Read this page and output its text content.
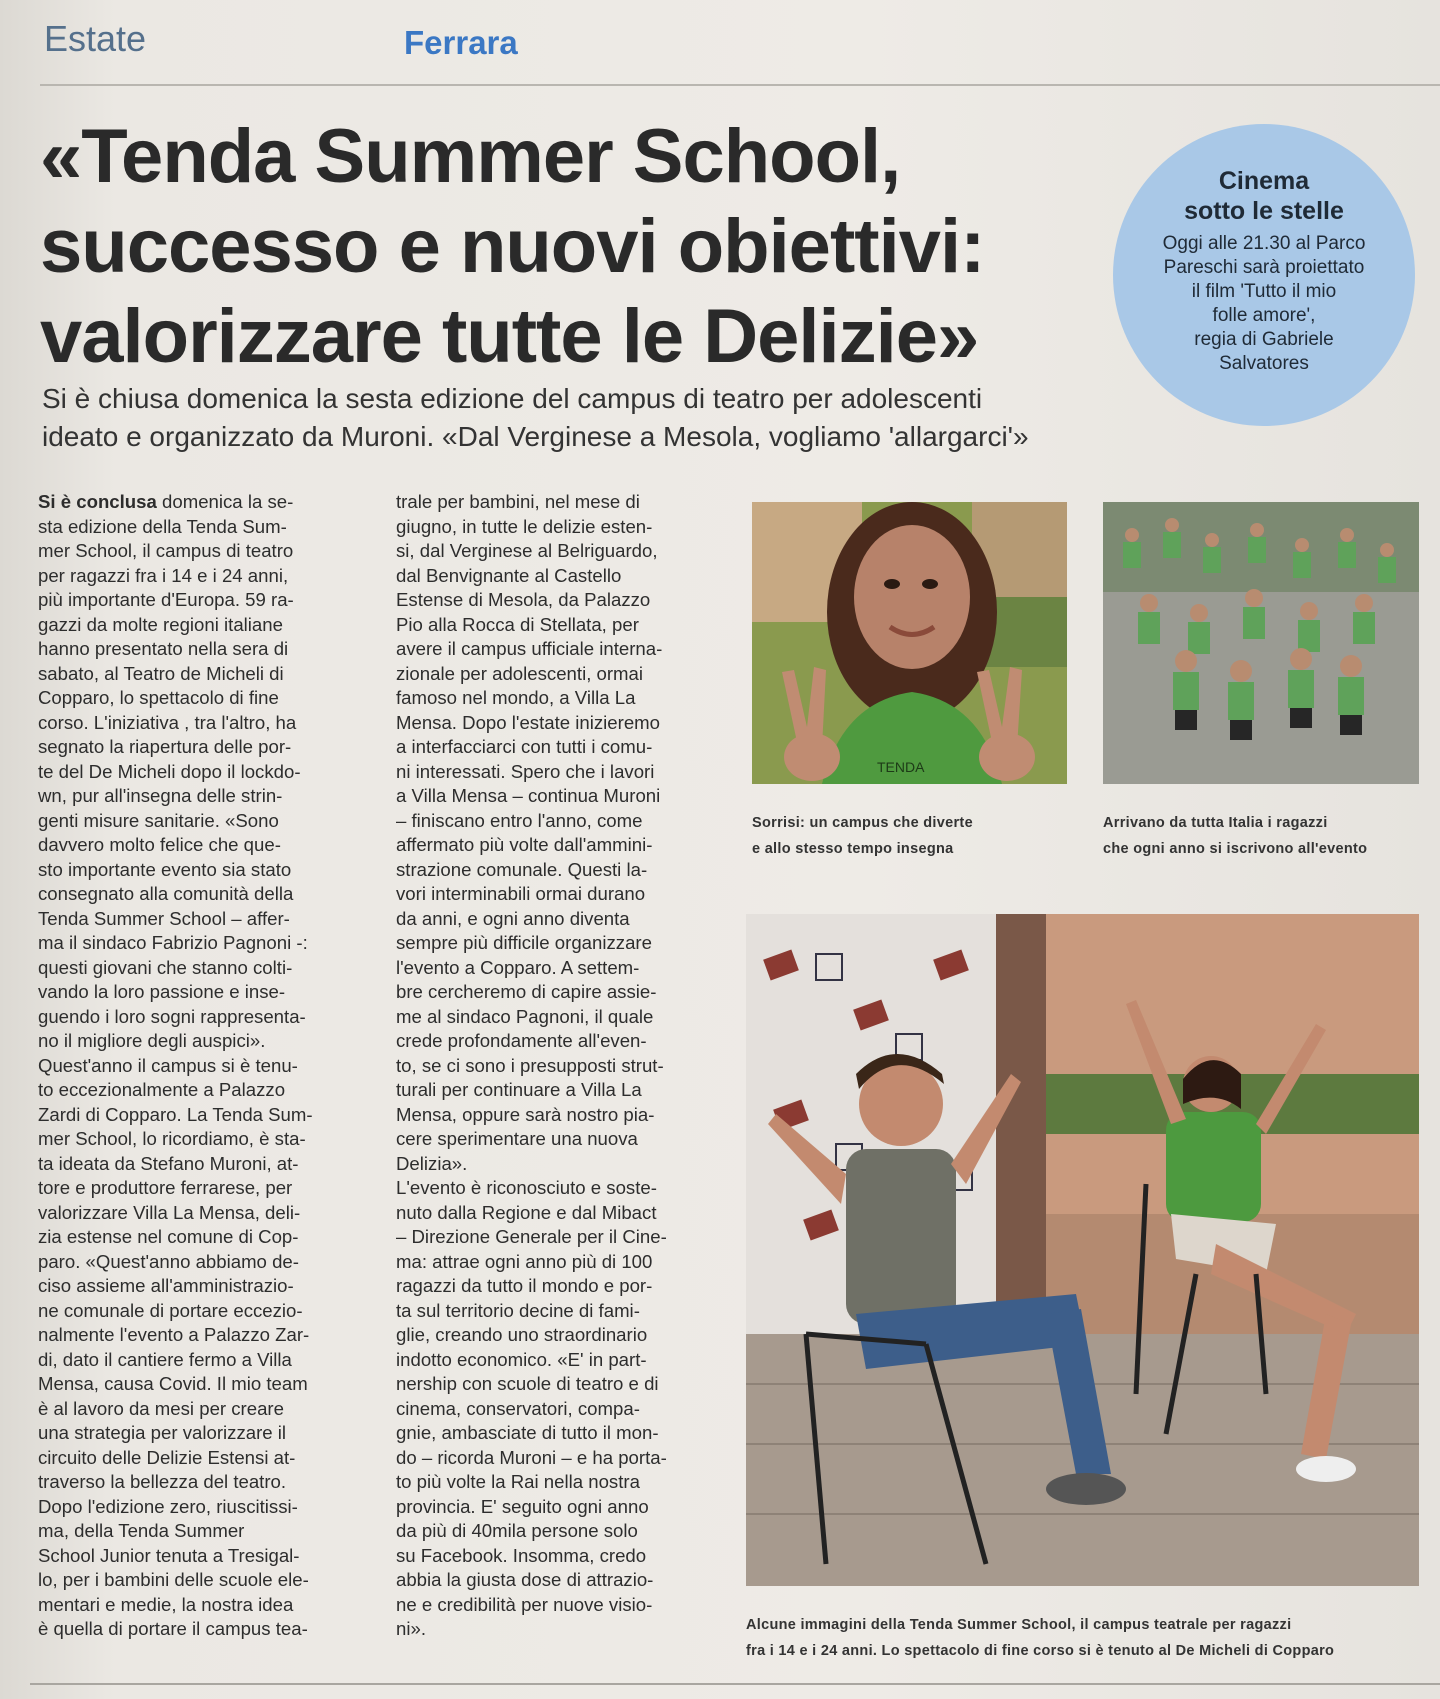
Estate	Ferrara
«Tenda Summer School,
successo e nuovi obiettivi:
valorizzare tutte le Delizie»

Si è chiusa domenica la sesta edizione del campus di teatro per adolescenti
ideato e organizzato da Muroni. «Dal Verginese a Mesola, vogliamo 'allargarci'»

Cinema
sotto le stelle
Oggi alle 21.30 al Parco
Pareschi sarà proiettato
il film 'Tutto il mio
folle amore',
regia di Gabriele
Salvatores
Si è conclusa domenica la se-
sta edizione della Tenda Sum-
mer School, il campus di teatro
per ragazzi fra i 14 e i 24 anni,
più importante d'Europa. 59 ra-
gazzi da molte regioni italiane
hanno presentato nella sera di
sabato, al Teatro de Micheli di
Copparo, lo spettacolo di fine
corso. L'iniziativa , tra l'altro, ha
segnato la riapertura delle por-
te del De Micheli dopo il lockdo-
wn, pur all'insegna delle strin-
genti misure sanitarie. «Sono
davvero molto felice che que-
sto importante evento sia stato
consegnato alla comunità della
Tenda Summer School – affer-
ma il sindaco Fabrizio Pagnoni -:
questi giovani che stanno colti-
vando la loro passione e inse-
guendo i loro sogni rappresenta-
no il migliore degli auspici».
Quest'anno il campus si è tenu-
to eccezionalmente a Palazzo
Zardi di Copparo. La Tenda Sum-
mer School, lo ricordiamo, è sta-
ta ideata da Stefano Muroni, at-
tore e produttore ferrarese, per
valorizzare Villa La Mensa, deli-
zia estense nel comune di Cop-
paro. «Quest'anno abbiamo de-
ciso assieme all'amministrazio-
ne comunale di portare eccezio-
nalmente l'evento a Palazzo Zar-
di, dato il cantiere fermo a Villa
Mensa, causa Covid. Il mio team
è al lavoro da mesi per creare
una strategia per valorizzare il
circuito delle Delizie Estensi at-
traverso la bellezza del teatro.
Dopo l'edizione zero, riuscitissi-
ma, della Tenda Summer
School Junior tenuta a Tresigal-
lo, per i bambini delle scuole ele-
mentari e medie, la nostra idea
è quella di portare il campus tea-
trale per bambini, nel mese di
giugno, in tutte le delizie esten-
si, dal Verginese al Belriguardo,
dal Benvignante al Castello
Estense di Mesola, da Palazzo
Pio alla Rocca di Stellata, per
avere il campus ufficiale interna-
zionale per adolescenti, ormai
famoso nel mondo, a Villa La
Mensa. Dopo l'estate inizieremo
a interfacciarci con tutti i comu-
ni interessati. Spero che i lavori
a Villa Mensa – continua Muroni
– finiscano entro l'anno, come
affermato più volte dall'ammini-
strazione comunale. Questi la-
vori interminabili ormai durano
da anni, e ogni anno diventa
sempre più difficile organizzare
l'evento a Copparo. A settem-
bre cercheremo di capire assie-
me al sindaco Pagnoni, il quale
crede profondamente all'even-
to, se ci sono i presupposti strut-
turali per continuare a Villa La
Mensa, oppure sarà nostro pia-
cere sperimentare una nuova
Delizia».
L'evento è riconosciuto e soste-
nuto dalla Regione e dal Mibact
– Direzione Generale per il Cine-
ma: attrae ogni anno più di 100
ragazzi da tutto il mondo e por-
ta sul territorio decine di fami-
glie, creando uno straordinario
indotto economico. «E' in part-
nership con scuole di teatro e di
cinema, conservatori, compa-
gnie, ambasciate di tutto il mon-
do – ricorda Muroni – e ha porta-
to più volte la Rai nella nostra
provincia. E' seguito ogni anno
da più di 40mila persone solo
su Facebook. Insomma, credo
abbia la giusta dose di attrazio-
ne e credibilità per nuove visio-
ni».
TENDA
Sorrisi: un campus che diverte
e allo stesso tempo insegna
Arrivano da tutta Italia i ragazzi
che ogni anno si iscrivono all'evento
Alcune immagini della Tenda Summer School, il campus teatrale per ragazzi
fra i 14 e i 24 anni. Lo spettacolo di fine corso si è tenuto al De Micheli di Copparo
